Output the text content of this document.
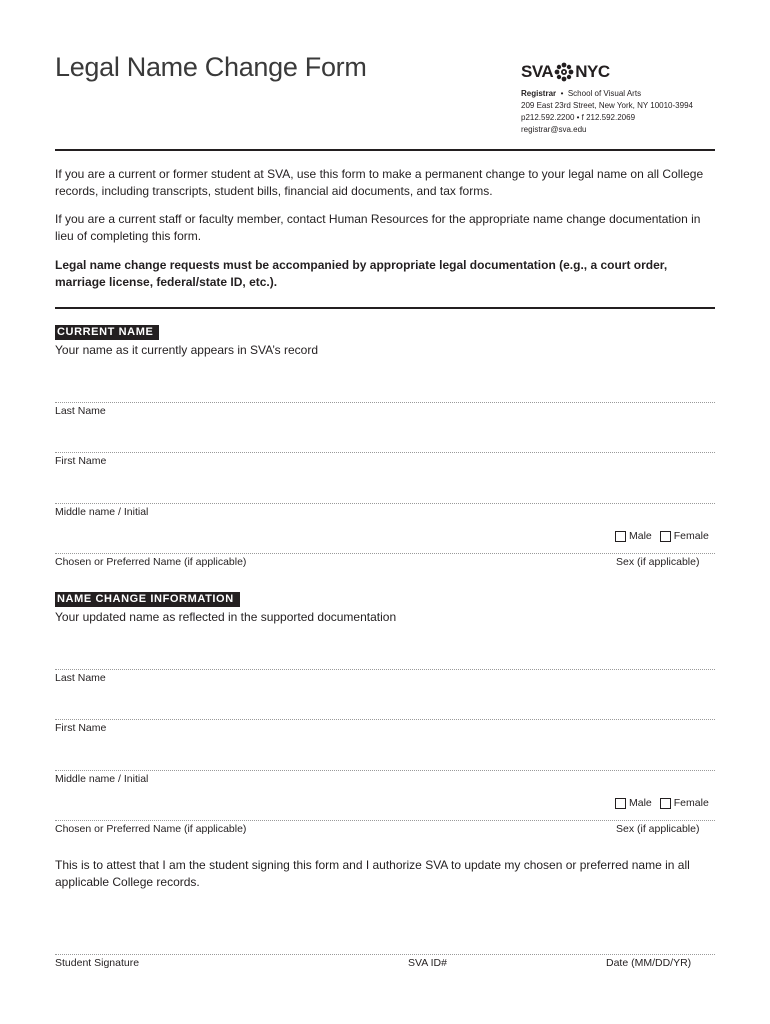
Legal Name Change Form	SVA NYC
Registrar • School of Visual Arts
209 East 23rd Street, New York, NY 10010-3994
p212.592.2200 • f 212.592.2069
registrar@sva.edu

If you are a current or former student at SVA, use this form to make a permanent change to your legal name on all College records, including transcripts, student bills, financial aid documents, and tax forms.

If you are a current staff or faculty member, contact Human Resources for the appropriate name change documentation in lieu of completing this form.

Legal name change requests must be accompanied by appropriate legal documentation (e.g., a court order, marriage license, federal/state ID, etc.).

CURRENT NAME
Your name as it currently appears in SVA’s record
Last Name
First Name
Middle name / Initial
Male Female
Chosen or Preferred Name (if applicable)	Sex (if applicable)
NAME CHANGE INFORMATION
Your updated name as reflected in the supported documentation
Last Name
First Name
Middle name / Initial
Male Female
Chosen or Preferred Name (if applicable)	Sex (if applicable)

This is to attest that I am the student signing this form and I authorize SVA to update my chosen or preferred name in all applicable College records.

Student Signature	SVA ID#	Date (MM/DD/YR)
